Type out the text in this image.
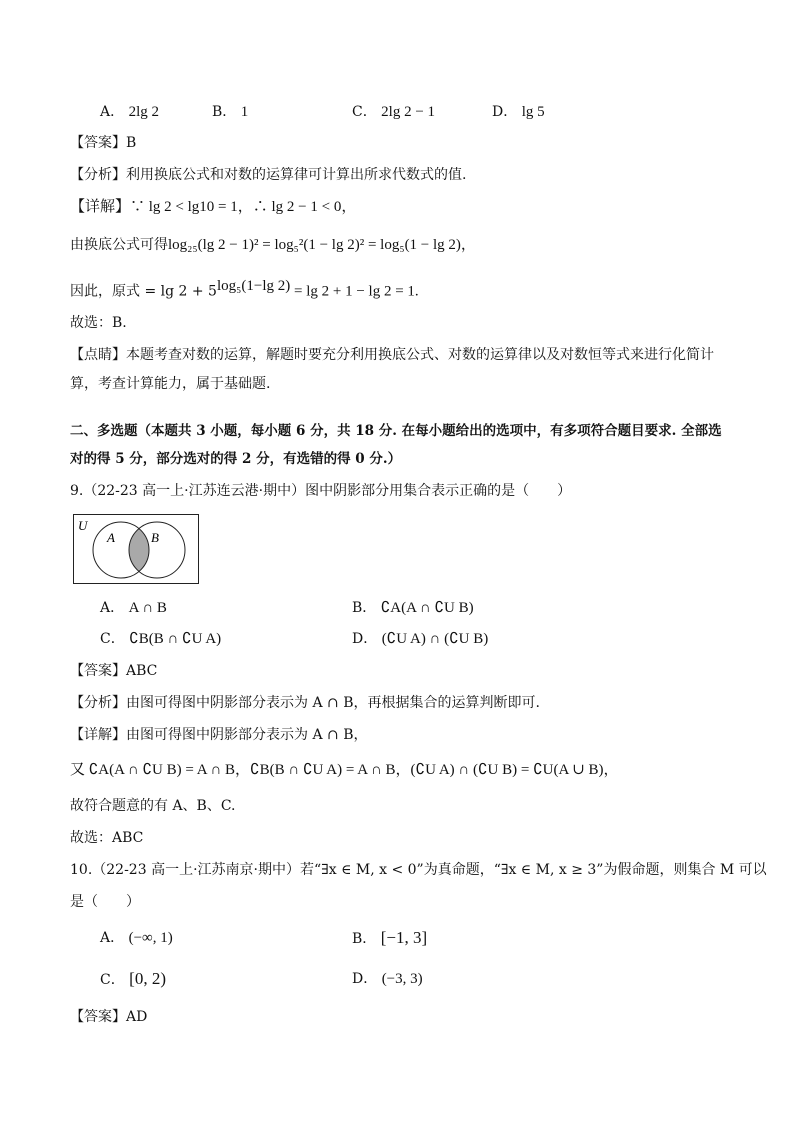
A． 2lg 2	B． 1	C． 2lg 2 − 1	D． lg 5
【答案】B
【分析】利用换底公式和对数的运算律可计算出所求代数式的值.
【详解】∵ lg 2 < lg10 = 1，∴ lg 2 − 1 < 0，
由换底公式可得log₂₅(lg 2 − 1)² = log₅²(1 − lg 2)² = log₅(1 − lg 2)，
因此，原式 = $\lg 2 + 5^{log_5(1-lg 2)} = \lg 2 + 1 - \lg 2 = 1$.
故选：B.
【点睛】本题考查对数的运算，解题时要充分利用换底公式、对数的运算律以及对数恒等式来进行化简计
算，考查计算能力，属于基础题.
二、多选题（本题共 3 小题，每小题 6 分，共 18 分. 在每小题给出的选项中，有多项符合题目要求. 全部选
对的得 5 分，部分选对的得 2 分，有选错的得 0 分.）
9.（22-23 高一上·江苏连云港·期中）图中阴影部分用集合表示正确的是（　　）
U
A	B
A． A ∩ B	B． ∁A(A ∩ ∁U B)
C． ∁B(B ∩ ∁U A)	D． (∁U A) ∩ (∁U B)
【答案】ABC
【分析】由图可得图中阴影部分表示为 A ∩ B，再根据集合的运算判断即可.
【详解】由图可得图中阴影部分表示为 A ∩ B，
又 ∁A(A ∩ ∁U B) = A ∩ B，∁B(B ∩ ∁U A) = A ∩ B，(∁U A) ∩ (∁U B) = ∁U(A ∪ B)，
故符合题意的有 A、B、C.
故选：ABC
10.（22-23 高一上·江苏南京·期中）若“∃x ∈ M, x < 0”为真命题，“∃x ∈ M, x ≥ 3”为假命题，则集合 M 可以
是（　　）
A． (−∞, 1)	B． [−1, 3]
C． [0, 2)	D． (−3, 3)
【答案】AD
